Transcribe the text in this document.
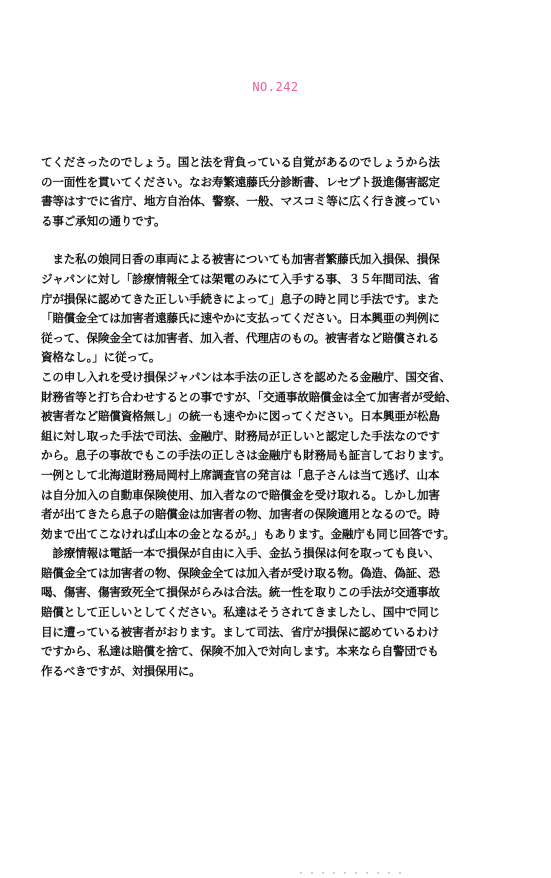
NO.242
てくださったのでしょう。国と法を背負っている自覚があるのでしょうから法
の一面性を貫いてください。なお寿繁遠藤氏分診断書、レセプト扱進傷害認定
書等はすでに省庁、地方自治体、警察、一般、マスコミ等に広く行き渡ってい
る事ご承知の通りです。
　また私の娘同日香の車両による被害についても加害者繁藤氏加入損保、損保
ジャパンに対し「診療情報全ては架電のみにて入手する事、３５年間司法、省
庁が損保に認めてきた正しい手続きによって」息子の時と同じ手法です。また
「賠償金全ては加害者遠藤氏に速やかに支払ってください。日本興亜の判例に
従って、保険金全ては加害者、加入者、代理店のもの。被害者など賠償される
資格なし。」に従って。
この申し入れを受け損保ジャパンは本手法の正しさを認めたる金融庁、国交省、
財務省等と打ち合わせするとの事ですが、「交通事故賠償金は全て加害者が受給、
被害者など賠償資格無し」の統一も速やかに図ってください。日本興亜が松島
組に対し取った手法で司法、金融庁、財務局が正しいと認定した手法なのです
から。息子の事故でもこの手法の正しさは金融庁も財務局も証言しております。
一例として北海道財務局岡村上席調査官の発言は「息子さんは当て逃げ、山本
は自分加入の自動車保険使用、加入者なので賠償金を受け取れる。しかし加害
者が出てきたら息子の賠償金は加害者の物、加害者の保険適用となるので。時
効まで出てこなければ山本の金となるが。」もあります。金融庁も同じ回答です。
　診療情報は電話一本で損保が自由に入手、金払う損保は何を取っても良い、
賠償金全ては加害者の物、保険金全ては加入者が受け取る物。偽造、偽証、恐
喝、傷害、傷害致死全て損保がらみは合法。統一性を取りこの手法が交通事故
賠償として正しいとしてください。私達はそうされてきましたし、国中で同じ
目に遭っている被害者がおります。まして司法、省庁が損保に認めているわけ
ですから、私達は賠償を捨て、保険不加入で対向します。本来なら自警団でも
作るべきですが、対損保用に。
